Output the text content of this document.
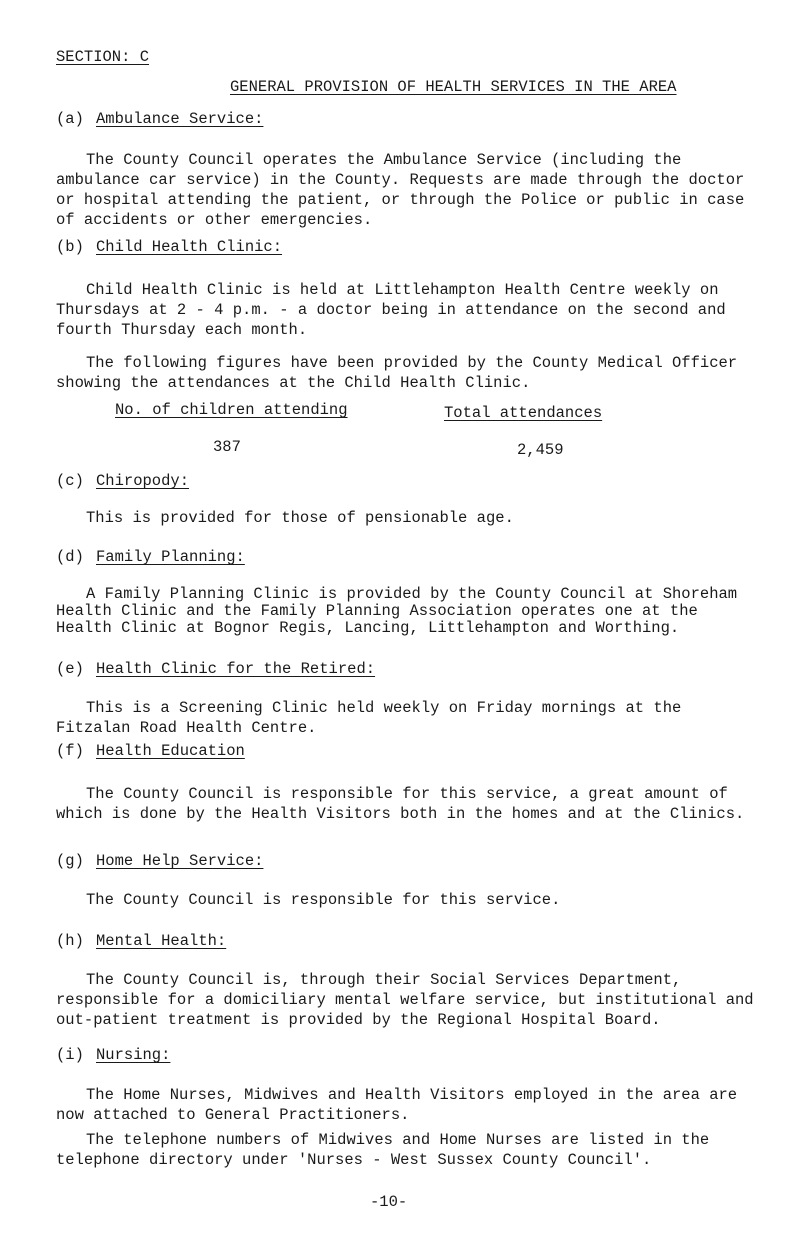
SECTION: C
GENERAL PROVISION OF HEALTH SERVICES IN THE AREA
(a) Ambulance Service:

The County Council operates the Ambulance Service (including the ambulance car service) in the County. Requests are made through the doctor or hospital attending the patient, or through the Police or public in case of accidents or other emergencies.

(b) Child Health Clinic:

Child Health Clinic is held at Littlehampton Health Centre weekly on Thursdays at 2 - 4 p.m. - a doctor being in attendance on the second and fourth Thursday each month.

The following figures have been provided by the County Medical Officer showing the attendances at the Child Health Clinic.

No. of children attending	Total attendances
387	2,459
(c) Chiropody:

This is provided for those of pensionable age.

(d) Family Planning:

A Family Planning Clinic is provided by the County Council at Shoreham Health Clinic and the Family Planning Association operates one at the Health Clinic at Bognor Regis, Lancing, Littlehampton and Worthing.

(e) Health Clinic for the Retired:

This is a Screening Clinic held weekly on Friday mornings at the Fitzalan Road Health Centre.

(f) Health Education

The County Council is responsible for this service, a great amount of which is done by the Health Visitors both in the homes and at the Clinics.

(g) Home Help Service:

The County Council is responsible for this service.

(h) Mental Health:

The County Council is, through their Social Services Department, responsible for a domiciliary mental welfare service, but institutional and out-patient treatment is provided by the Regional Hospital Board.

(i) Nursing:

The Home Nurses, Midwives and Health Visitors employed in the area are now attached to General Practitioners.

The telephone numbers of Midwives and Home Nurses are listed in the telephone directory under 'Nurses - West Sussex County Council'.

-10-
